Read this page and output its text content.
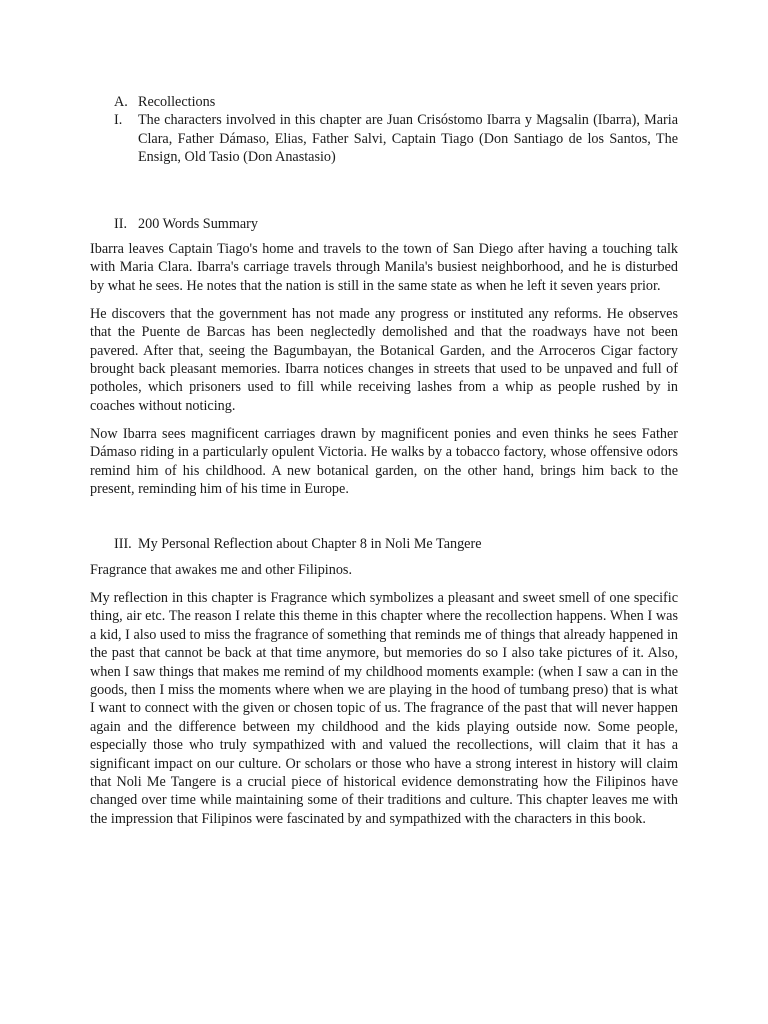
A. Recollections
I.	The characters involved in this chapter are Juan Crisóstomo Ibarra y Magsalin (Ibarra), Maria Clara, Father Dámaso, Elias, Father Salvi, Captain Tiago (Don Santiago de los Santos, The Ensign, Old Tasio (Don Anastasio)
II. 200 Words Summary

Ibarra leaves Captain Tiago's home and travels to the town of San Diego after having a touching talk with Maria Clara. Ibarra's carriage travels through Manila's busiest neighborhood, and he is disturbed by what he sees. He notes that the nation is still in the same state as when he left it seven years prior.

He discovers that the government has not made any progress or instituted any reforms. He observes that the Puente de Barcas has been neglectedly demolished and that the roadways have not been pavered. After that, seeing the Bagumbayan, the Botanical Garden, and the Arroceros Cigar factory brought back pleasant memories. Ibarra notices changes in streets that used to be unpaved and full of potholes, which prisoners used to fill while receiving lashes from a whip as people rushed by in coaches without noticing.

Now Ibarra sees magnificent carriages drawn by magnificent ponies and even thinks he sees Father Dámaso riding in a particularly opulent Victoria. He walks by a tobacco factory, whose offensive odors remind him of his childhood. A new botanical garden, on the other hand, brings him back to the present, reminding him of his time in Europe.

III. My Personal Reflection about Chapter 8 in Noli Me Tangere

Fragrance that awakes me and other Filipinos.

My reflection in this chapter is Fragrance which symbolizes a pleasant and sweet smell of one specific thing, air etc. The reason I relate this theme in this chapter where the recollection happens. When I was a kid, I also used to miss the fragrance of something that reminds me of things that already happened in the past that cannot be back at that time anymore, but memories do so I also take pictures of it. Also, when I saw things that makes me remind of my childhood moments example: (when I saw a can in the goods, then I miss the moments where when we are playing in the hood of tumbang preso) that is what I want to connect with the given or chosen topic of us. The fragrance of the past that will never happen again and the difference between my childhood and the kids playing outside now. Some people, especially those who truly sympathized with and valued the recollections, will claim that it has a significant impact on our culture. Or scholars or those who have a strong interest in history will claim that Noli Me Tangere is a crucial piece of historical evidence demonstrating how the Filipinos have changed over time while maintaining some of their traditions and culture. This chapter leaves me with the impression that Filipinos were fascinated by and sympathized with the characters in this book.
